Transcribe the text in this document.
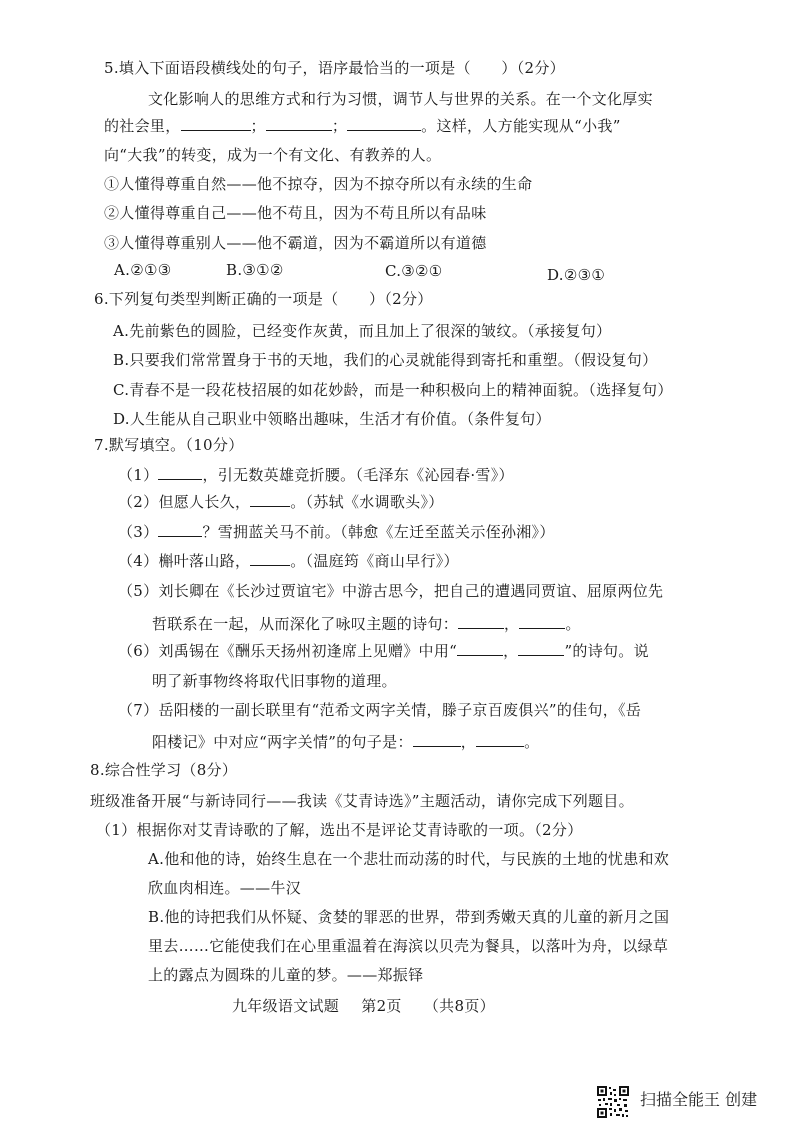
5.填入下面语段横线处的句子，语序最恰当的一项是（　　）（2分）
文化影响人的思维方式和行为习惯，调节人与世界的关系。在一个文化厚实
的社会里，	；	；	。这样，人方能实现从“小我”
向“大我”的转变，成为一个有文化、有教养的人。
①人懂得尊重自然——他不掠夺，因为不掠夺所以有永续的生命
②人懂得尊重自己——他不苟且，因为不苟且所以有品味
③人懂得尊重别人——他不霸道，因为不霸道所以有道德
A.②①③	B.③①②	C.③②①	D.②③①
6.下列复句类型判断正确的一项是（　　）（2分）
A.先前紫色的圆脸，已经变作灰黄，而且加上了很深的皱纹。（承接复句）
B.只要我们常常置身于书的天地，我们的心灵就能得到寄托和重塑。（假设复句）
C.青春不是一段花枝招展的如花妙龄，而是一种积极向上的精神面貌。（选择复句）
D.人生能从自己职业中领略出趣味，生活才有价值。（条件复句）
7.默写填空。（10分）
（1）	，引无数英雄竞折腰。（毛泽东《沁园春·雪》）
（2）但愿人长久，	。（苏轼《水调歌头》）
（3）	？雪拥蓝关马不前。（韩愈《左迁至蓝关示侄孙湘》）
（4）槲叶落山路，	。（温庭筠《商山早行》）
（5）刘长卿在《长沙过贾谊宅》中游古思今，把自己的遭遇同贾谊、屈原两位先
哲联系在一起，从而深化了咏叹主题的诗句：	，	。
（6）刘禹锡在《酬乐天扬州初逢席上见赠》中用“	，	”的诗句。说
明了新事物终将取代旧事物的道理。
（7）岳阳楼的一副长联里有“范希文两字关情，滕子京百废俱兴”的佳句，《岳
阳楼记》中对应“两字关情”的句子是：	，	。
8.综合性学习（8分）
班级准备开展“与新诗同行——我读《艾青诗选》”主题活动，请你完成下列题目。
（1）根据你对艾青诗歌的了解，选出不是评论艾青诗歌的一项。（2分）
A.他和他的诗，始终生息在一个悲壮而动荡的时代，与民族的土地的忧患和欢
欣血肉相连。——牛汉
B.他的诗把我们从怀疑、贪婪的罪恶的世界，带到秀嫩天真的儿童的新月之国
里去……它能使我们在心里重温着在海滨以贝壳为餐具，以落叶为舟，以绿草
上的露点为圆珠的儿童的梦。——郑振铎
九年级语文试题 第2页 （共8页）
扫描全能王 创建
